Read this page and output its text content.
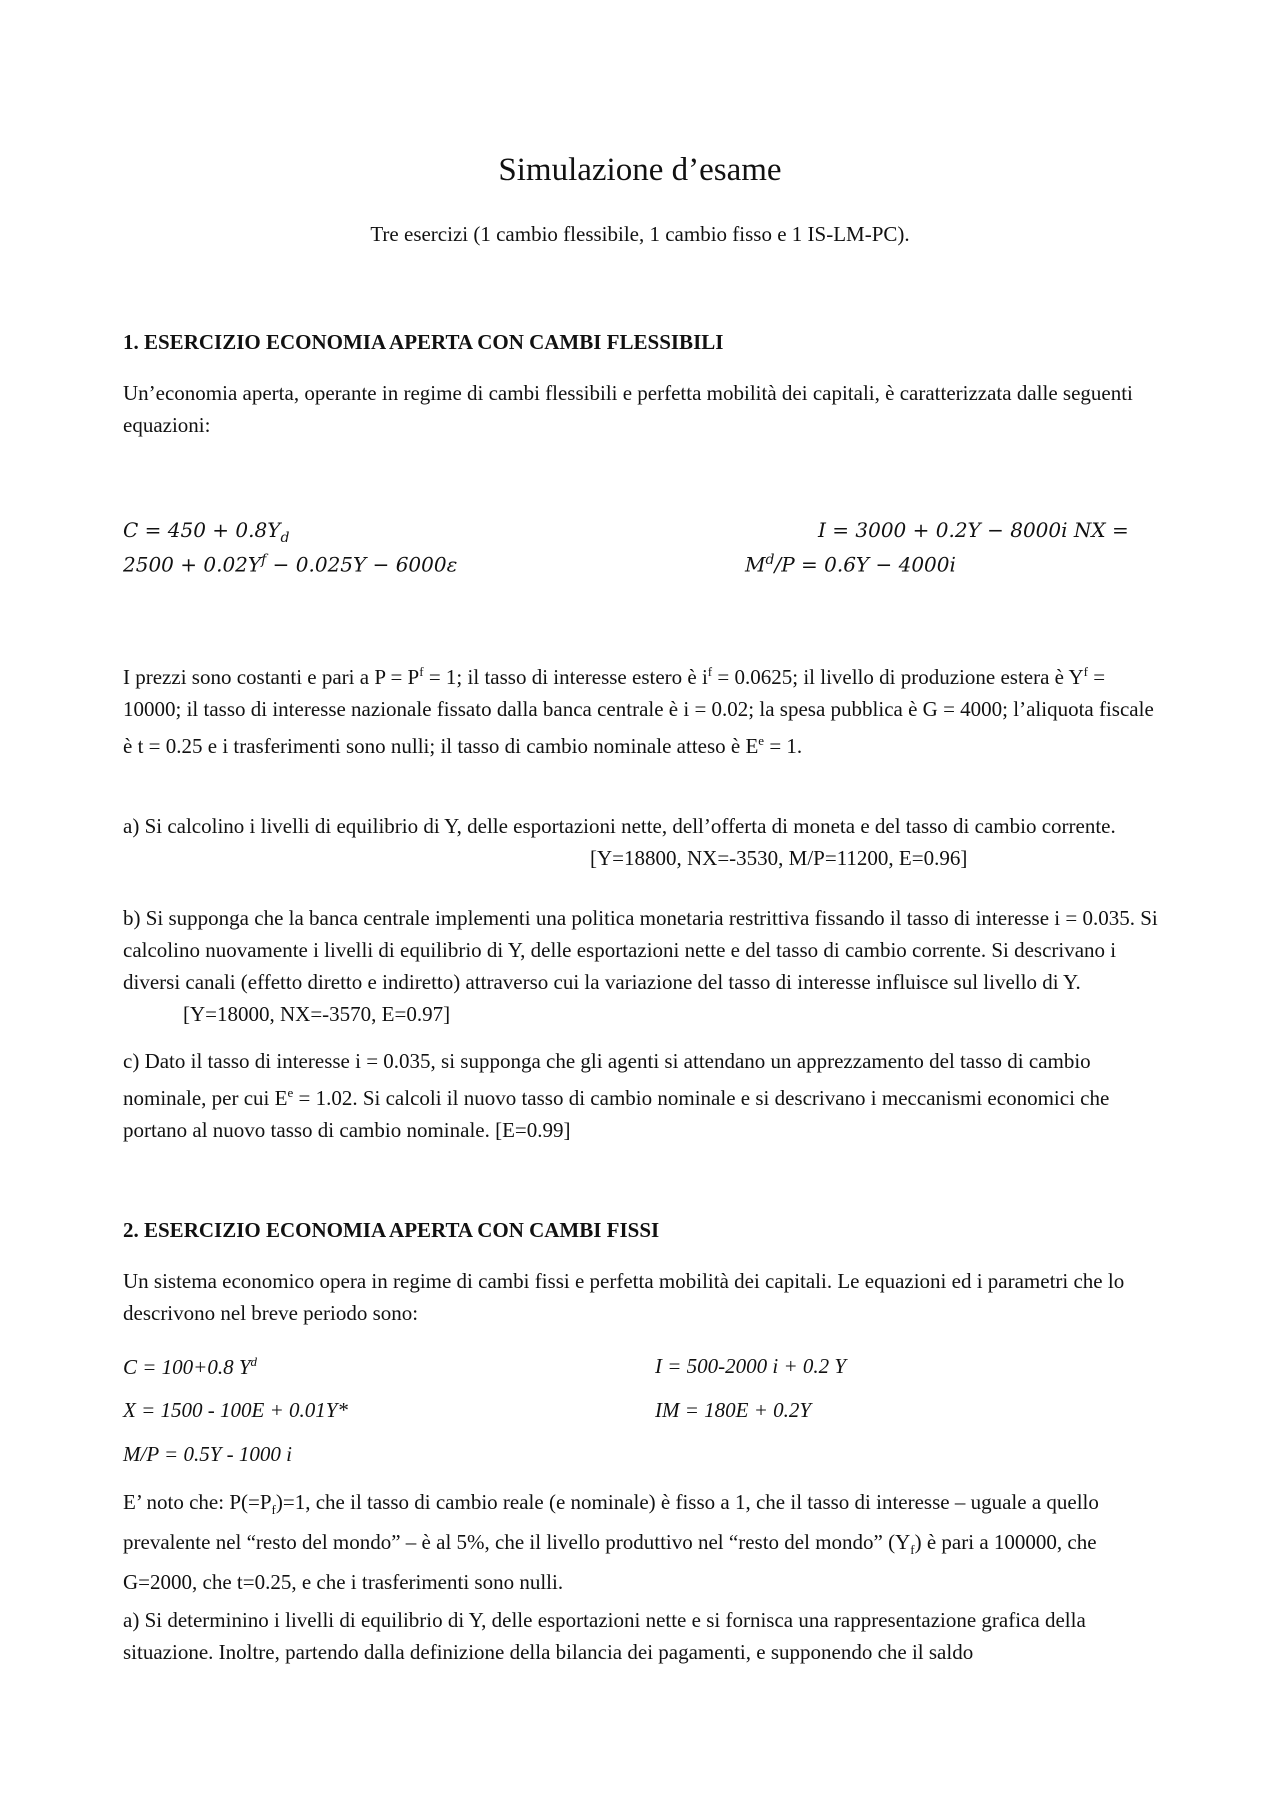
Simulazione d’esame
Tre esercizi (1 cambio flessibile, 1 cambio fisso e 1 IS-LM-PC).

1. ESERCIZIO ECONOMIA APERTA CON CAMBI FLESSIBILI

Un’economia aperta, operante in regime di cambi flessibili e perfetta mobilità dei capitali, è caratterizzata dalle seguenti equazioni:

$C = 450 + 0.8Y_d$	I = 3000 + 0.2Y − 8000i NX =
$2500 + 0.02Y^f - 0.025Y - 6000\varepsilon$	$M^d/P = 0.6Y - 4000i$

I prezzi sono costanti e pari a $P = P^f = 1$; il tasso di interesse estero è $i^f = 0.0625$; il livello di produzione estera è $Y^f = 10000$; il tasso di interesse nazionale fissato dalla banca centrale è i = 0.02; la spesa pubblica è G = 4000; l’aliquota fiscale è t = 0.25 e i trasferimenti sono nulli; il tasso di cambio nominale atteso è $E^e = 1$.

a) Si calcolino i livelli di equilibrio di Y, delle esportazioni nette, dell’offerta di moneta e del tasso di cambio corrente.

[Y=18800, NX=-3530, M/P=11200, E=0.96]

b) Si supponga che la banca centrale implementi una politica monetaria restrittiva fissando il tasso di interesse i = 0.035. Si calcolino nuovamente i livelli di equilibrio di Y, delle esportazioni nette e del tasso di cambio corrente. Si descrivano i diversi canali (effetto diretto e indiretto) attraverso cui la variazione del tasso di interesse influisce sul livello di Y. [Y=18000, NX=-3570, E=0.97]

c) Dato il tasso di interesse i = 0.035, si supponga che gli agenti si attendano un apprezzamento del tasso di cambio nominale, per cui $E^e = 1.02$. Si calcoli il nuovo tasso di cambio nominale e si descrivano i meccanismi economici che portano al nuovo tasso di cambio nominale. [E=0.99]

2. ESERCIZIO ECONOMIA APERTA CON CAMBI FISSI

Un sistema economico opera in regime di cambi fissi e perfetta mobilità dei capitali. Le equazioni ed i parametri che lo descrivono nel breve periodo sono:

C = 100+0.8 $Y^d$	I = 500-2000 i + 0.2 Y
X = 1500 - 100E + 0.01Y*	IM = 180E + 0.2Y
M/P = 0.5Y - 1000 i

E’ noto che: $P(=P_f)=1$, che il tasso di cambio reale (e nominale) è fisso a 1, che il tasso di interesse – uguale a quello prevalente nel “resto del mondo” – è al 5%, che il livello produttivo nel “resto del mondo” $(Y_f)$ è pari a 100000, che G=2000, che t=0.25, e che i trasferimenti sono nulli.

a) Si determinino i livelli di equilibrio di Y, delle esportazioni nette e si fornisca una rappresentazione grafica della situazione. Inoltre, partendo dalla definizione della bilancia dei pagamenti, e supponendo che il saldo
